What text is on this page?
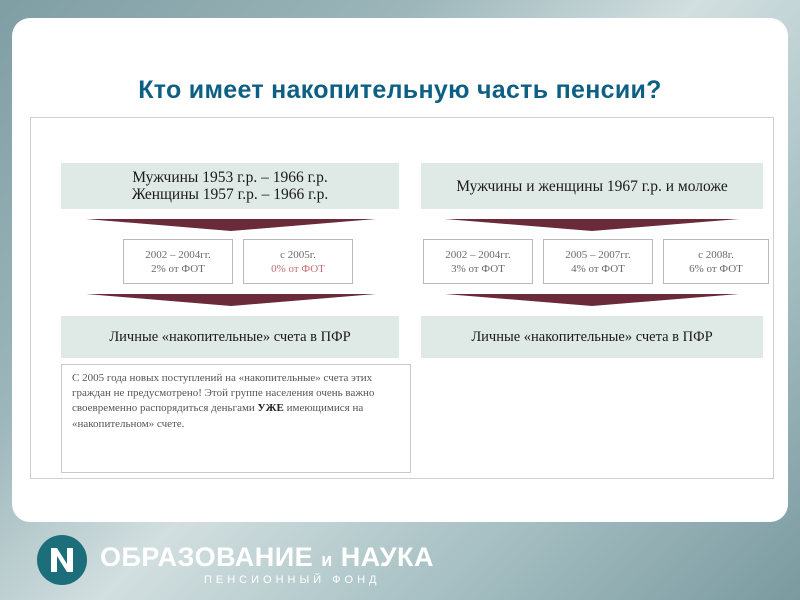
Кто имеет накопительную часть пенсии?
Мужчины 1953 г.р. – 1966 г.р.
Женщины 1957 г.р. – 1966 г.р.
2002 – 2004гг.
2% от ФОТ
с 2005г.
0% от ФОТ
Личные «накопительные» счета в ПФР
С 2005 года новых поступлений на «накопительные» счета этих граждан не предусмотрено! Этой группе населения очень важно своевременно распорядиться деньгами УЖЕ имеющимися на «накопительном» счете.
Мужчины и женщины 1967 г.р. и моложе
2002 – 2004гг.
3% от ФОТ
2005 – 2007гг.
4% от ФОТ
с 2008г.
6% от ФОТ
Личные «накопительные» счета в ПФР
ОБРАЗОВАНИЕ и НАУКА
ПЕНСИОННЫЙ ФОНД
